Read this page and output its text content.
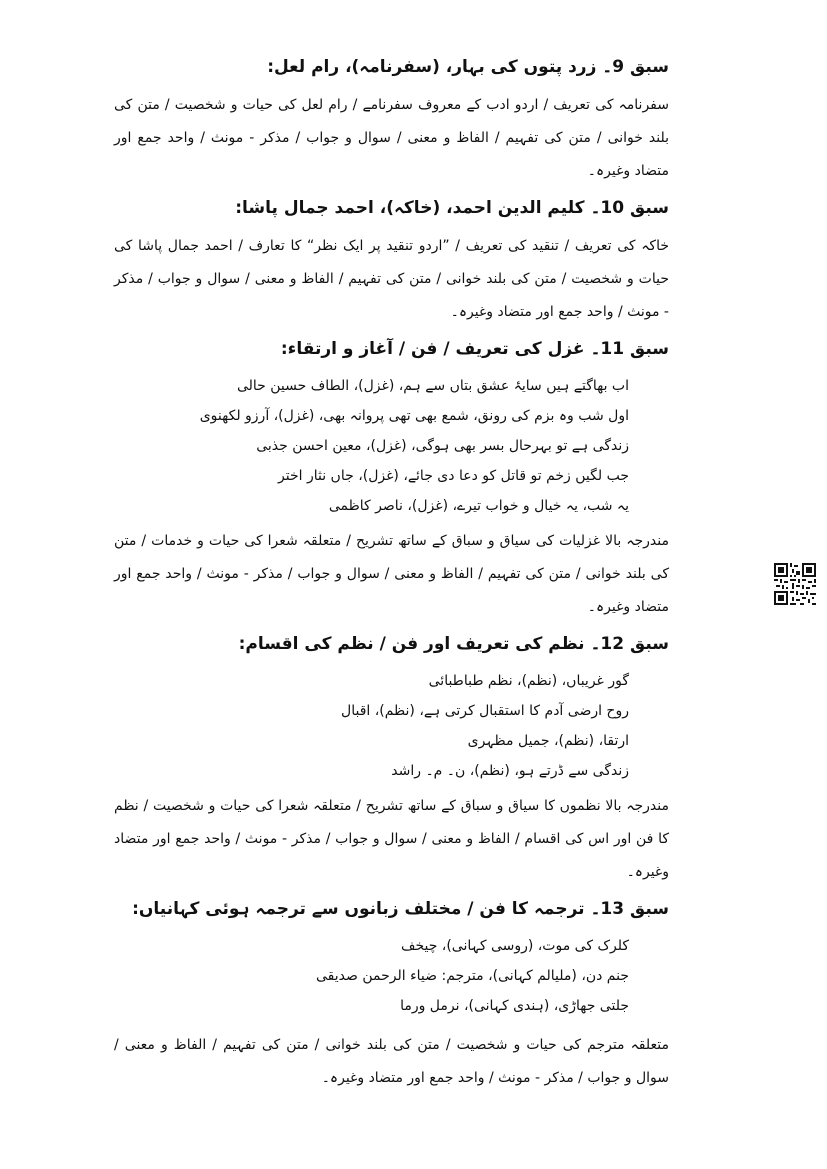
سبق 9۔ زرد پتوں کی بہار، (سفرنامہ)، رام لعل:
سفرنامہ کی تعریف / اردو ادب کے معروف سفرنامے / رام لعل کی حیات و شخصیت / متن کی بلند خوانی / متن کی تفہیم / الفاظ و معنی / سوال و جواب / مذکر - مونث / واحد جمع اور متضاد وغیرہ۔
سبق 10۔ کلیم الدین احمد، (خاکہ)، احمد جمال پاشا:
خاکہ کی تعریف / تنقید کی تعریف / ”اردو تنقید پر ایک نظر“ کا تعارف / احمد جمال پاشا کی حیات و شخصیت / متن کی بلند خوانی / متن کی تفہیم / الفاظ و معنی / سوال و جواب / مذکر - مونث / واحد جمع اور متضاد وغیرہ۔
سبق 11۔ غزل کی تعریف / فن / آغاز و ارتقاء:
اب بھاگتے ہیں سایۂ عشق بتاں سے ہم، (غزل)، الطاف حسین حالی
اول شب وہ بزم کی رونق، شمع بھی تھی پروانہ بھی، (غزل)، آرزو لکھنوی
زندگی ہے تو بہرحال بسر بھی ہوگی، (غزل)، معین احسن جذبی
جب لگیں زخم تو قاتل کو دعا دی جائے، (غزل)، جاں نثار اختر
یہ شب، یہ خیال و خواب تیرے، (غزل)، ناصر کاظمی
مندرجہ بالا غزلیات کی سیاق و سباق کے ساتھ تشریح / متعلقہ شعرا کی حیات و خدمات / متن کی بلند خوانی / متن کی تفہیم / الفاظ و معنی / سوال و جواب / مذکر - مونث / واحد جمع اور متضاد وغیرہ۔
سبق 12۔ نظم کی تعریف اور فن / نظم کی اقسام:
گور غریباں، (نظم)، نظم طباطبائی
روح ارضی آدم کا استقبال کرتی ہے، (نظم)، اقبال
ارتقا، (نظم)، جمیل مظہری
زندگی سے ڈرتے ہو، (نظم)، ن۔ م۔ راشد
مندرجہ بالا نظموں کا سیاق و سباق کے ساتھ تشریح / متعلقہ شعرا کی حیات و شخصیت / نظم کا فن اور اس کی اقسام / الفاظ و معنی / سوال و جواب / مذکر - مونث / واحد جمع اور متضاد وغیرہ۔
سبق 13۔ ترجمہ کا فن / مختلف زبانوں سے ترجمہ ہوئی کہانیاں:
کلرک کی موت، (روسی کہانی)، چیخف
جنم دن، (ملیالم کہانی)، مترجم: ضیاء الرحمن صدیقی
جلتی جھاڑی، (ہندی کہانی)، نرمل ورما
متعلقہ مترجم کی حیات و شخصیت / متن کی بلند خوانی / متن کی تفہیم / الفاظ و معنی / سوال و جواب / مذکر - مونث / واحد جمع اور متضاد وغیرہ۔
